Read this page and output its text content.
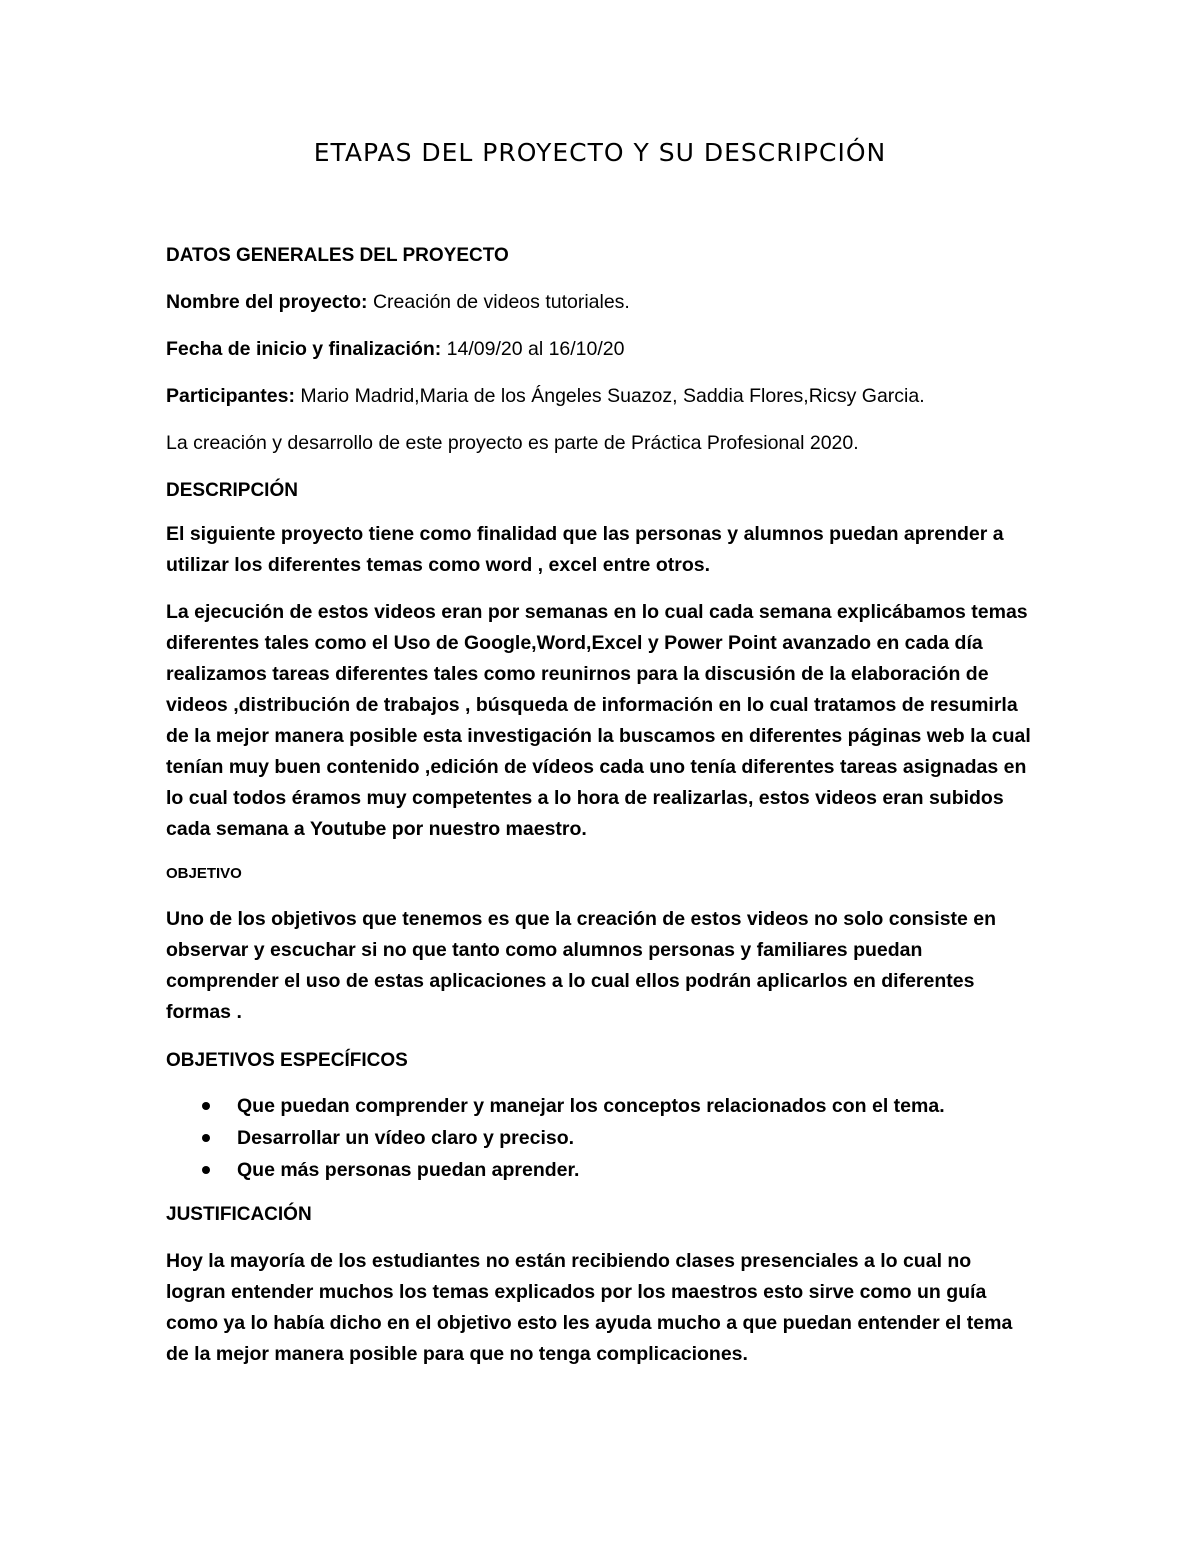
ETAPAS DEL PROYECTO Y SU DESCRIPCIÓN

DATOS GENERALES DEL PROYECTO

Nombre del proyecto: Creación de videos tutoriales.

Fecha de inicio y finalización: 14/09/20 al 16/10/20

Participantes: Mario Madrid,Maria de los Ángeles Suazoz, Saddia Flores,Ricsy Garcia.

La creación y desarrollo de este proyecto es parte de Práctica Profesional 2020.

DESCRIPCIÓN

El siguiente proyecto tiene como finalidad que las personas y alumnos puedan aprender a utilizar los diferentes temas como word , excel entre otros.

La ejecución de estos videos eran por semanas en lo cual cada semana explicábamos temas diferentes tales como el Uso de Google,Word,Excel y Power Point avanzado en cada día realizamos tareas diferentes tales como reunirnos para la discusión de la elaboración de videos ,distribución de trabajos , búsqueda de información en lo cual tratamos de resumirla de la mejor manera posible esta investigación la buscamos en diferentes páginas web la cual tenían muy buen contenido ,edición de vídeos cada uno tenía diferentes tareas asignadas en lo cual todos éramos muy competentes a lo hora de realizarlas, estos videos eran subidos cada semana a Youtube por nuestro maestro.

OBJETIVO

Uno de los objetivos que tenemos es que la creación de estos videos no solo consiste en observar y escuchar si no que tanto como alumnos personas y familiares puedan comprender el uso de estas aplicaciones a lo cual ellos podrán aplicarlos en diferentes formas .

OBJETIVOS ESPECÍFICOS

Que puedan comprender y manejar los conceptos relacionados con el tema.
Desarrollar un vídeo claro y preciso.
Que más personas puedan aprender.

JUSTIFICACIÓN

Hoy la mayoría de los estudiantes no están recibiendo clases presenciales a lo cual no logran entender muchos los temas explicados por los maestros esto sirve como un guía como ya lo había dicho en el objetivo esto les ayuda mucho a que puedan entender el tema de la mejor manera posible para que no tenga complicaciones.
